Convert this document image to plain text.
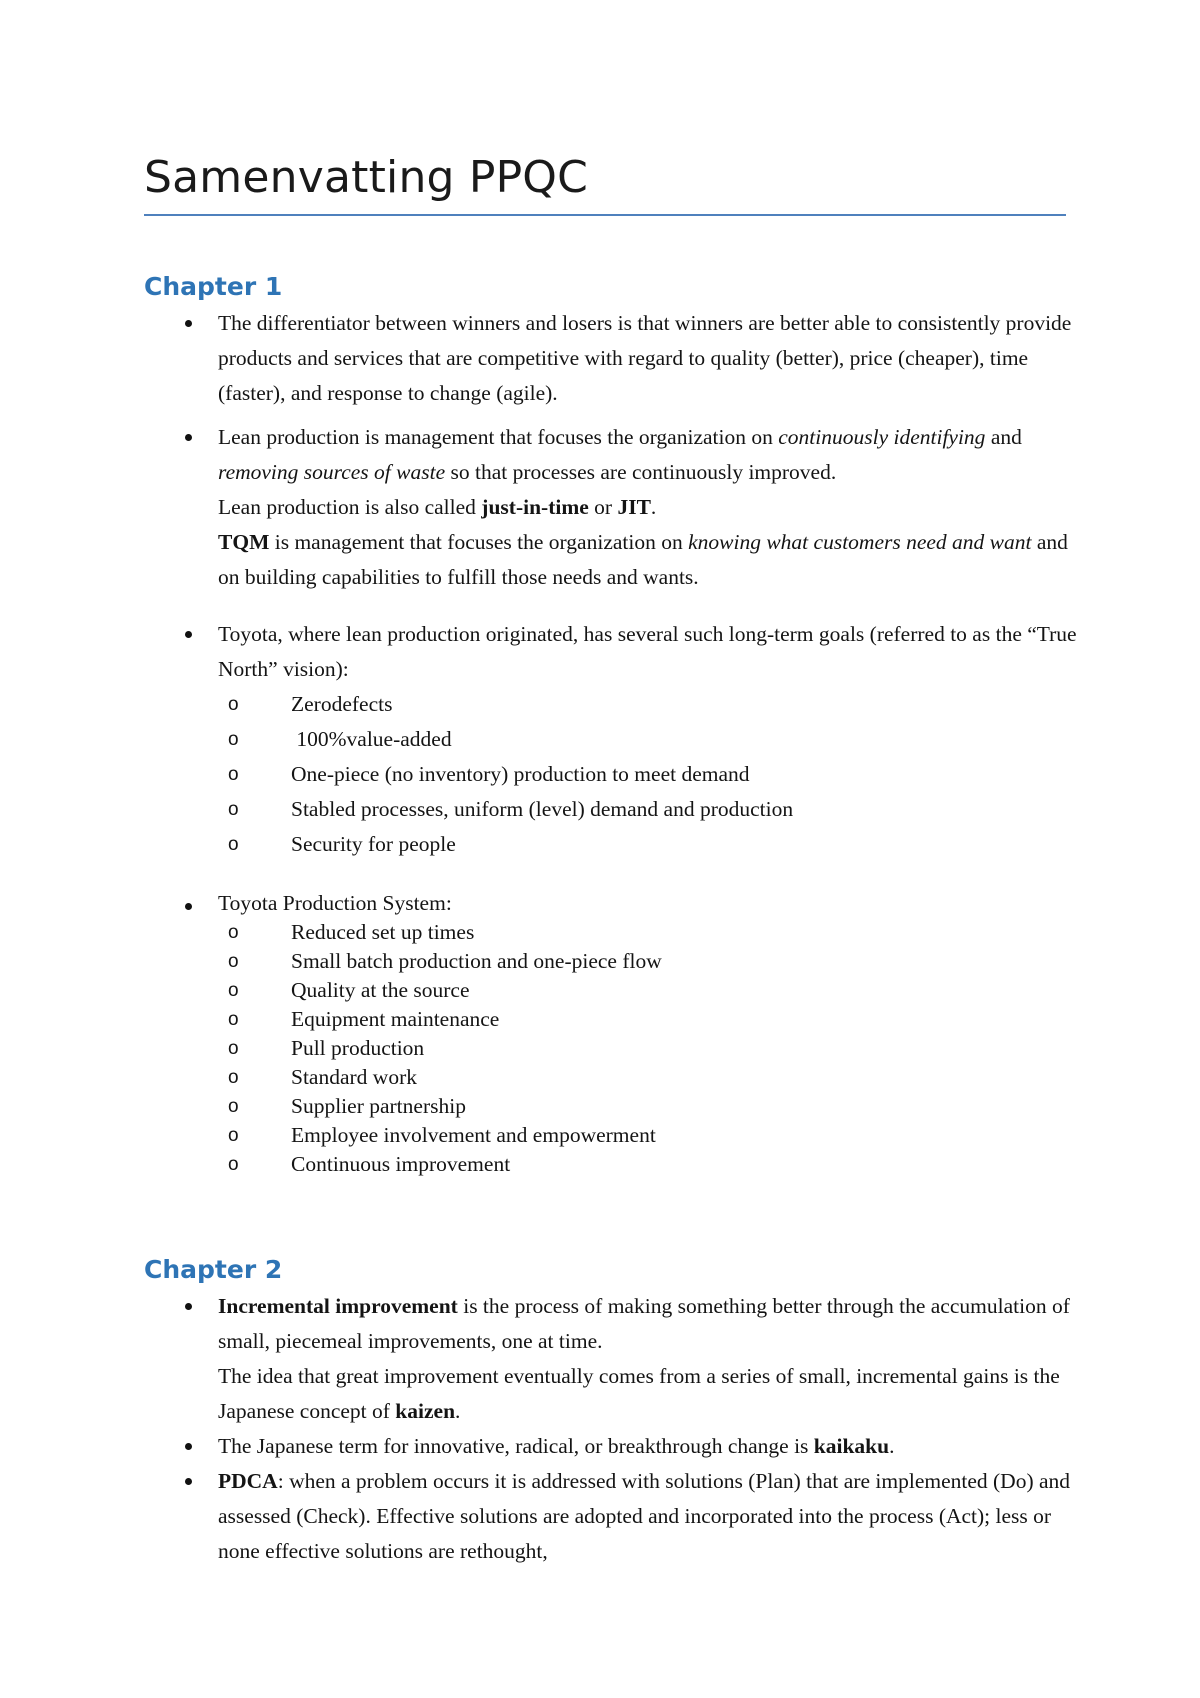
Samenvatting PPQC
Chapter 1

The differentiator between winners and losers is that winners are better able to consistently provide products and services that are competitive with regard to quality (better), price (cheaper), time (faster), and response to change (agile).

Lean production is management that focuses the organization on continuously identifying and removing sources of waste so that processes are continuously improved.

Lean production is also called just-in-time or JIT.

TQM is management that focuses the organization on knowing what customers need and want and on building capabilities to fulfill those needs and wants.

Toyota, where lean production originated, has several such long-term goals (referred to as the “True North” vision):

o Zerodefects
o 100%value-added
o One-piece (no inventory) production to meet demand
o Stabled processes, uniform (level) demand and production
o Security for people

Toyota Production System:

o Reduced set up times
o Small batch production and one-piece flow
o Quality at the source
o Equipment maintenance
o Pull production
o Standard work
o Supplier partnership
o Employee involvement and empowerment
o Continuous improvement
Chapter 2

Incremental improvement is the process of making something better through the accumulation of small, piecemeal improvements, one at time.

The idea that great improvement eventually comes from a series of small, incremental gains is the Japanese concept of kaizen.

The Japanese term for innovative, radical, or breakthrough change is kaikaku.

PDCA: when a problem occurs it is addressed with solutions (Plan) that are implemented (Do) and assessed (Check). Effective solutions are adopted and incorporated into the process (Act); less or none effective solutions are rethought,
